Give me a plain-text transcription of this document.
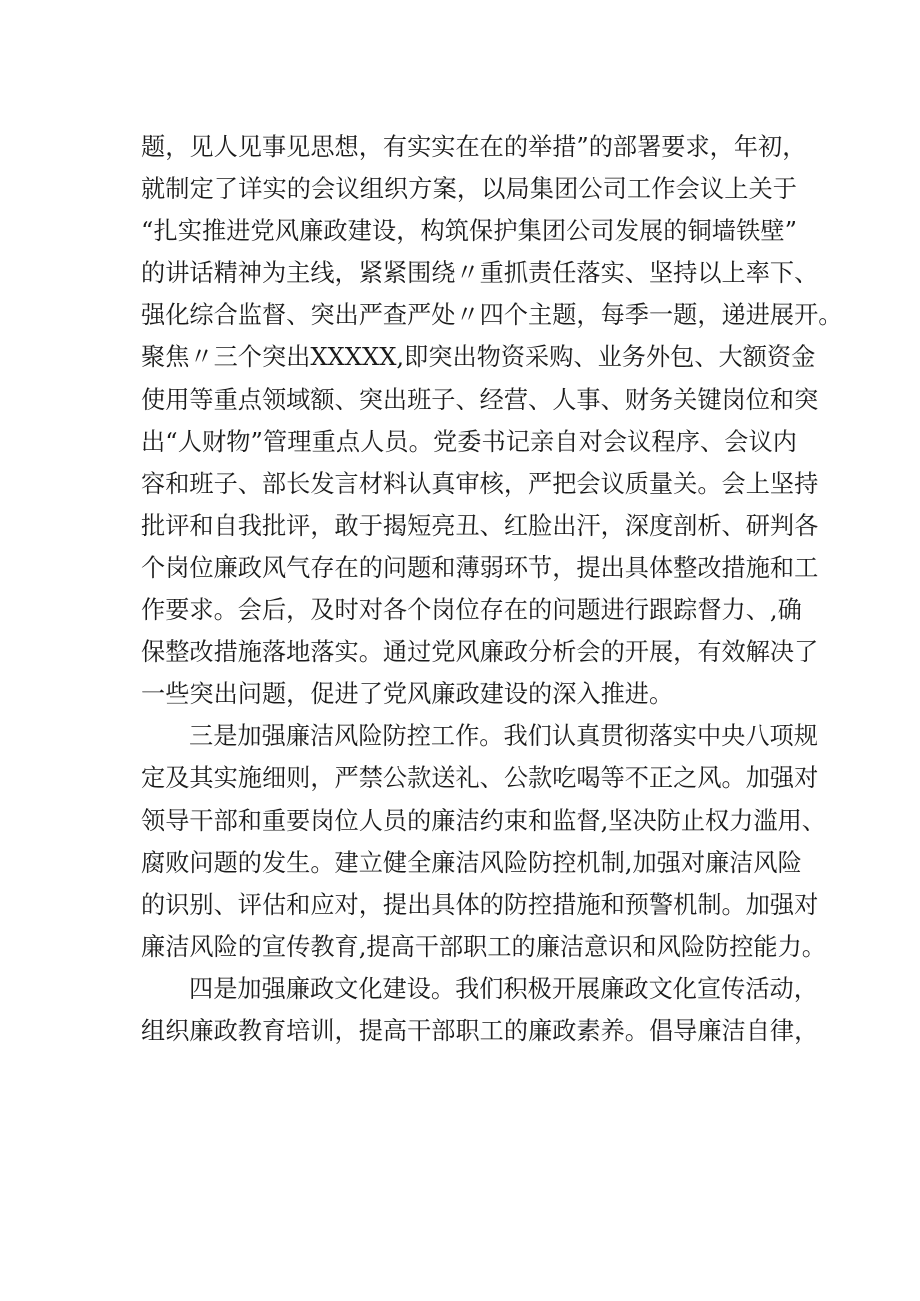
题，见人见事见思想，有实实在在的举措”的部署要求，年初，
就制定了详实的会议组织方案，以局集团公司工作会议上关于
“扎实推进党风廉政建设，构筑保护集团公司发展的铜墙铁壁”
的讲话精神为主线，紧紧围绕〃重抓责任落实、坚持以上率下、
强化综合监督、突出严查严处〃四个主题，每季一题，递进展开。
聚焦〃三个突出XXXXX,即突出物资采购、业务外包、大额资金
使用等重点领域额、突出班子、经营、人事、财务关键岗位和突
出“人财物”管理重点人员。党委书记亲自对会议程序、会议内
容和班子、部长发言材料认真审核，严把会议质量关。会上坚持
批评和自我批评，敢于揭短亮丑、红脸出汗，深度剖析、研判各
个岗位廉政风气存在的问题和薄弱环节，提出具体整改措施和工
作要求。会后，及时对各个岗位存在的问题进行跟踪督力、,确
保整改措施落地落实。通过党风廉政分析会的开展，有效解决了
一些突出问题，促进了党风廉政建设的深入推进。
三是加强廉洁风险防控工作。我们认真贯彻落实中央八项规
定及其实施细则，严禁公款送礼、公款吃喝等不正之风。加强对
领导干部和重要岗位人员的廉洁约束和监督,坚决防止权力滥用、
腐败问题的发生。建立健全廉洁风险防控机制,加强对廉洁风险
的识别、评估和应对，提出具体的防控措施和预警机制。加强对
廉洁风险的宣传教育,提高干部职工的廉洁意识和风险防控能力。
四是加强廉政文化建设。我们积极开展廉政文化宣传活动，
组织廉政教育培训，提高干部职工的廉政素养。倡导廉洁自律，
